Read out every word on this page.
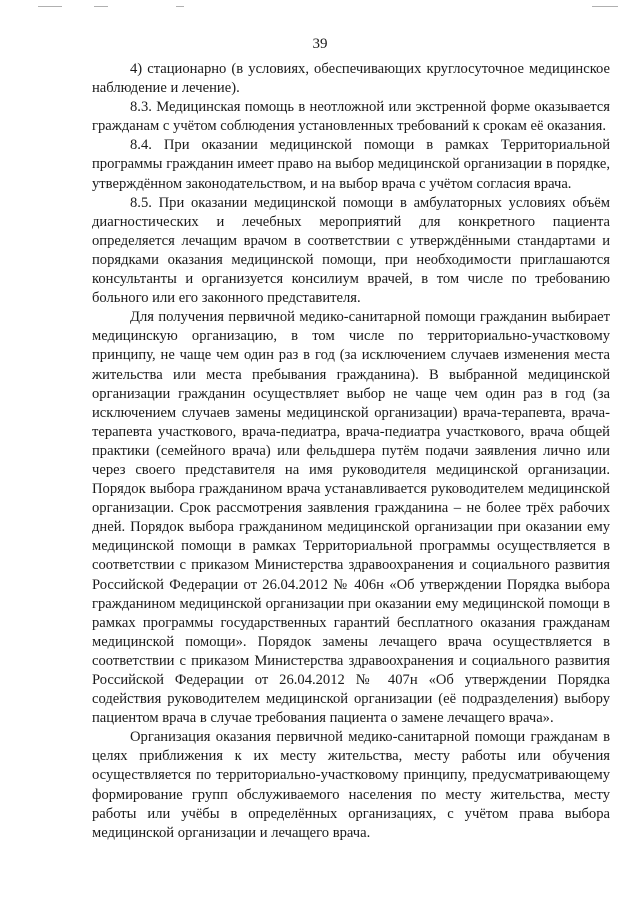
39

4) стационарно (в условиях, обеспечивающих круглосуточное медицинское наблюдение и лечение).

8.3. Медицинская помощь в неотложной или экстренной форме оказывается гражданам с учётом соблюдения установленных требований к срокам её оказания.

8.4. При оказании медицинской помощи в рамках Территориальной программы гражданин имеет право на выбор медицинской организации в порядке, утверждённом законодательством, и на выбор врача с учётом согласия врача.

8.5. При оказании медицинской помощи в амбулаторных условиях объём диагностических и лечебных мероприятий для конкретного пациента определяется лечащим врачом в соответствии с утверждёнными стандартами и порядками оказания медицинской помощи, при необходимости приглашаются консультанты и организуется консилиум врачей, в том числе по требованию больного или его законного представителя.

Для получения первичной медико-санитарной помощи гражданин выбирает медицинскую организацию, в том числе по территориально-участковому принципу, не чаще чем один раз в год (за исключением случаев изменения места жительства или места пребывания гражданина). В выбранной медицинской организации гражданин осуществляет выбор не чаще чем один раз в год (за исключением случаев замены медицинской организации) врача-терапевта, врача-терапевта участкового, врача-педиатра, врача-педиатра участкового, врача общей практики (семейного врача) или фельдшера путём подачи заявления лично или через своего представителя на имя руководителя медицинской организации. Порядок выбора гражданином врача устанавливается руководителем медицинской организации. Срок рассмотрения заявления гражданина – не более трёх рабочих дней. Порядок выбора гражданином медицинской организации при оказании ему медицинской помощи в рамках Территориальной программы осуществляется в соответствии с приказом Министерства здравоохранения и социального развития Российской Федерации от 26.04.2012 № 406н «Об утверждении Порядка выбора гражданином медицинской организации при оказании ему медицинской помощи в рамках программы государственных гарантий бесплатного оказания гражданам медицинской помощи». Порядок замены лечащего врача осуществляется в соответствии с приказом Министерства здравоохранения и социального развития Российской Федерации от 26.04.2012 № 407н «Об утверждении Порядка содействия руководителем медицинской организации (её подразделения) выбору пациентом врача в случае требования пациента о замене лечащего врача».

Организация оказания первичной медико-санитарной помощи гражданам в целях приближения к их месту жительства, месту работы или обучения осуществляется по территориально-участковому принципу, предусматривающему формирование групп обслуживаемого населения по месту жительства, месту работы или учёбы в определённых организациях, с учётом права выбора медицинской организации и лечащего врача.
